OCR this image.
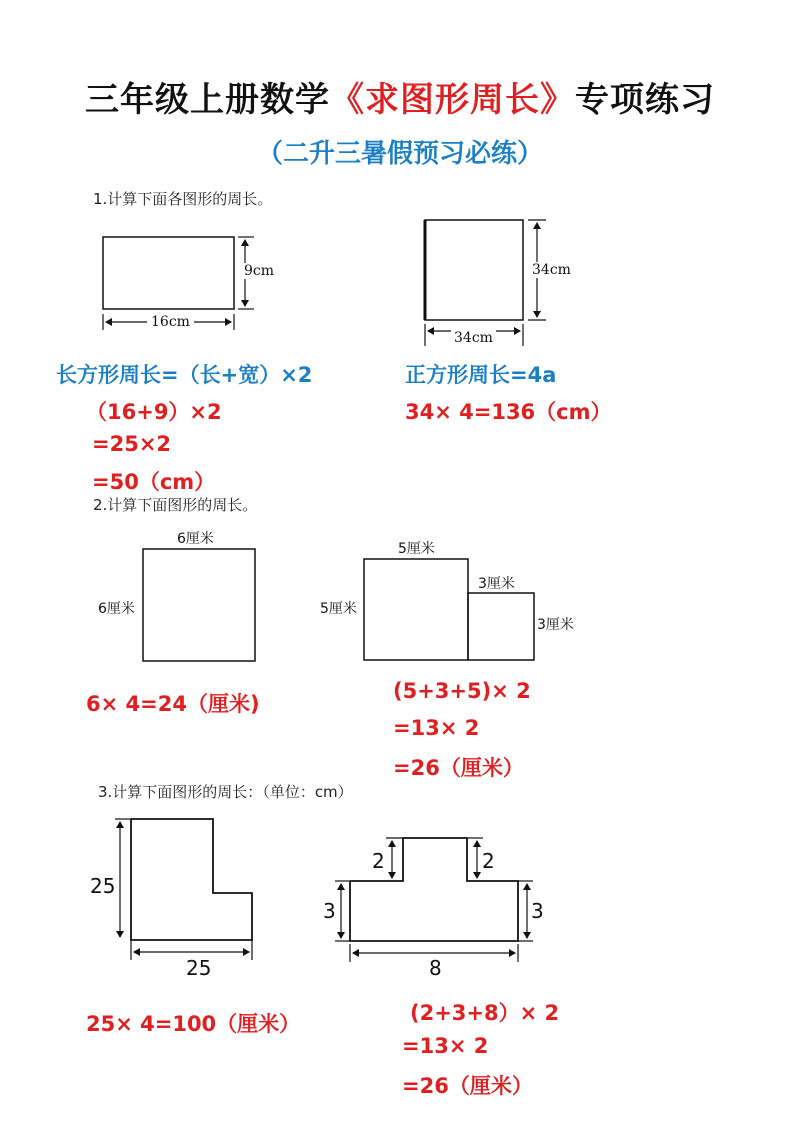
三年级上册数学《求图形周长》专项练习
（二升三暑假预习必练）
1.计算下面各图形的周长。
9cm
16cm
34cm
34cm
长方形周长=（长+宽）×2
（16+9）×2
=25×2
=50（cm）
正方形周长=4a
34× 4=136（cm）
2.计算下面图形的周长。
6厘米
6厘米
5厘米
5厘米
3厘米
3厘米
6× 4=24（厘米)
(5+3+5)× 2
=13× 2
=26（厘米）
3.计算下面图形的周长：（单位：cm）
25
25
2	2
3	3
8
25× 4=100（厘米）	(2+3+8）× 2
=13× 2
=26（厘米）
